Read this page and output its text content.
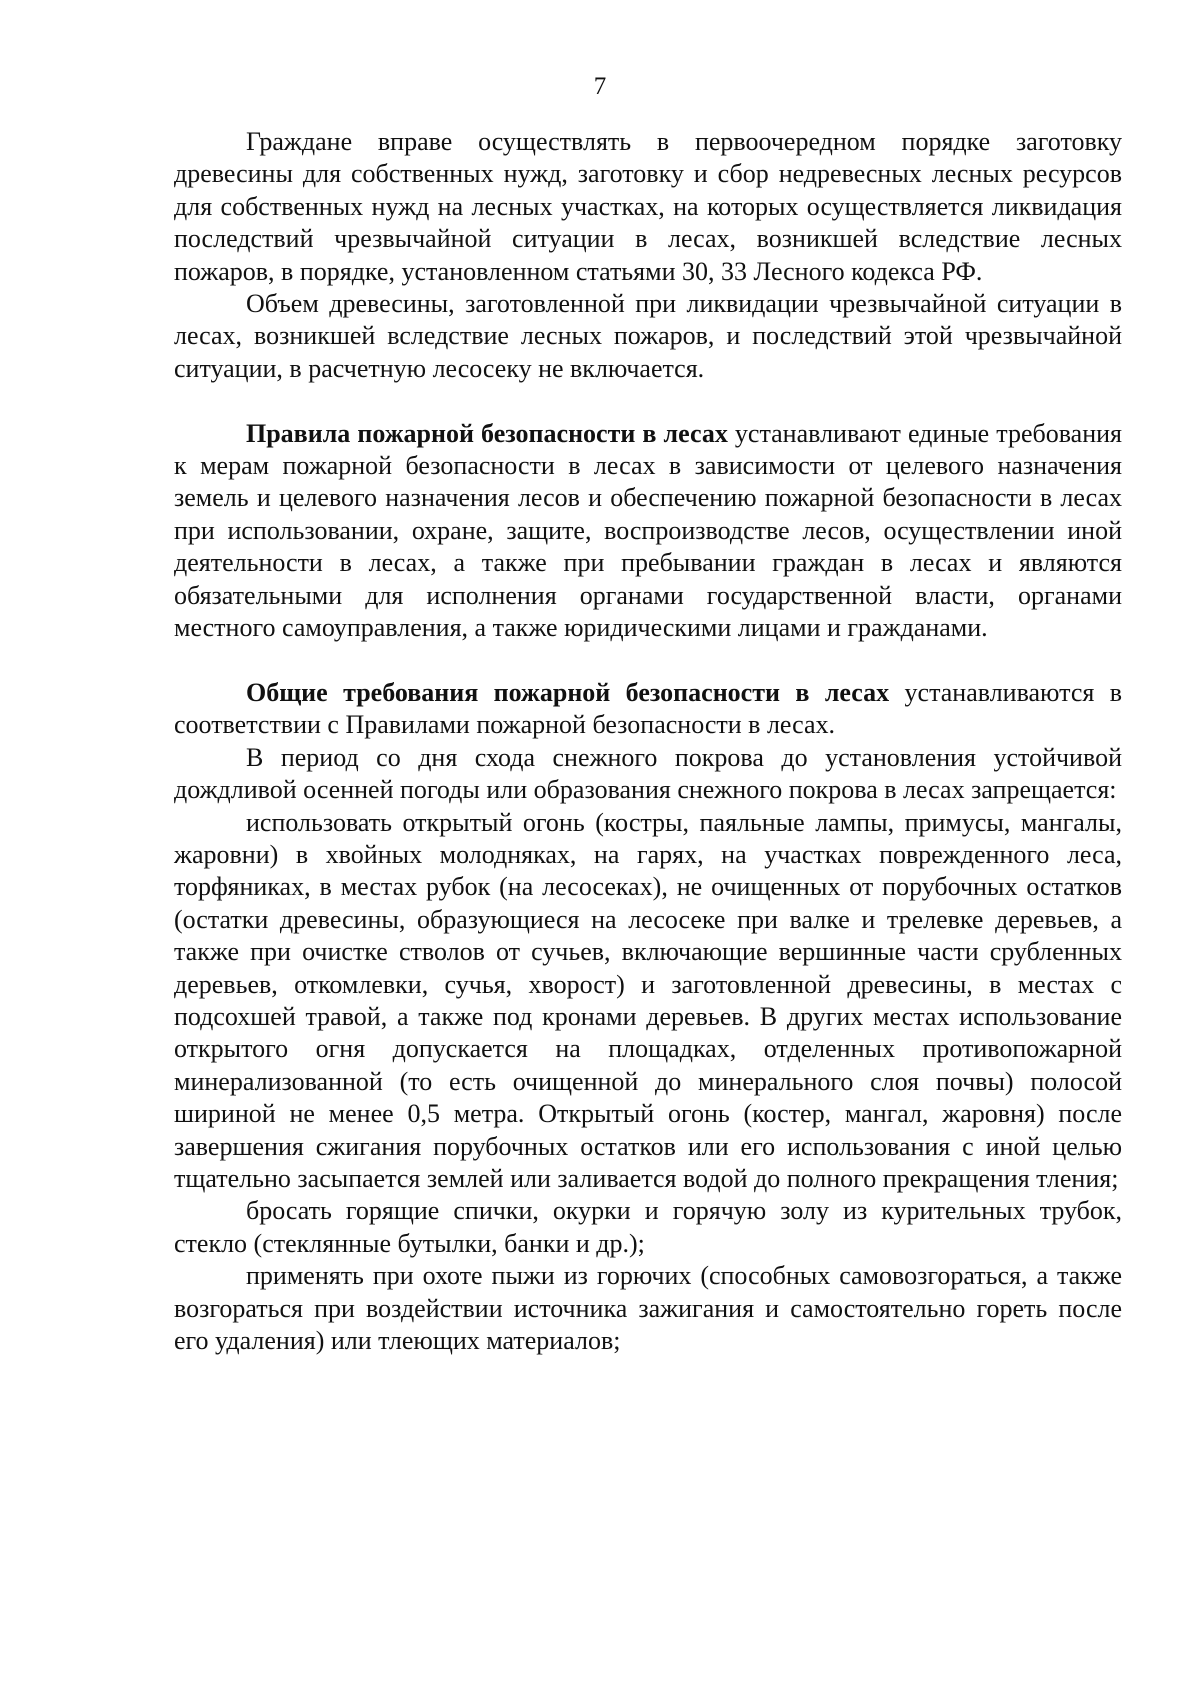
7

Граждане вправе осуществлять в первоочередном порядке заготовку древесины для собственных нужд, заготовку и сбор недревесных лесных ресурсов для собственных нужд на лесных участках, на которых осуществляется ликвидация последствий чрезвычайной ситуации в лесах, возникшей вследствие лесных пожаров, в порядке, установленном статьями 30, 33 Лесного кодекса РФ.

Объем древесины, заготовленной при ликвидации чрезвычайной ситуации в лесах, возникшей вследствие лесных пожаров, и последствий этой чрезвычайной ситуации, в расчетную лесосеку не включается.

Правила пожарной безопасности в лесах устанавливают единые требования к мерам пожарной безопасности в лесах в зависимости от целевого назначения земель и целевого назначения лесов и обеспечению пожарной безопасности в лесах при использовании, охране, защите, воспроизводстве лесов, осуществлении иной деятельности в лесах, а также при пребывании граждан в лесах и являются обязательными для исполнения органами государственной власти, органами местного самоуправления, а также юридическими лицами и гражданами.

Общие требования пожарной безопасности в лесах устанавливаются в соответствии с Правилами пожарной безопасности в лесах.

В период со дня схода снежного покрова до установления устойчивой дождливой осенней погоды или образования снежного покрова в лесах запрещается:

использовать открытый огонь (костры, паяльные лампы, примусы, мангалы, жаровни) в хвойных молодняках, на гарях, на участках поврежденного леса, торфяниках, в местах рубок (на лесосеках), не очищенных от порубочных остатков (остатки древесины, образующиеся на лесосеке при валке и трелевке деревьев, а также при очистке стволов от сучьев, включающие вершинные части срубленных деревьев, откомлевки, сучья, хворост) и заготовленной древесины, в местах с подсохшей травой, а также под кронами деревьев. В других местах использование открытого огня допускается на площадках, отделенных противопожарной минерализованной (то есть очищенной до минерального слоя почвы) полосой шириной не менее 0,5 метра. Открытый огонь (костер, мангал, жаровня) после завершения сжигания порубочных остатков или его использования с иной целью тщательно засыпается землей или заливается водой до полного прекращения тления;

бросать горящие спички, окурки и горячую золу из курительных трубок, стекло (стеклянные бутылки, банки и др.);

применять при охоте пыжи из горючих (способных самовозгораться, а также возгораться при воздействии источника зажигания и самостоятельно гореть после его удаления) или тлеющих материалов;
